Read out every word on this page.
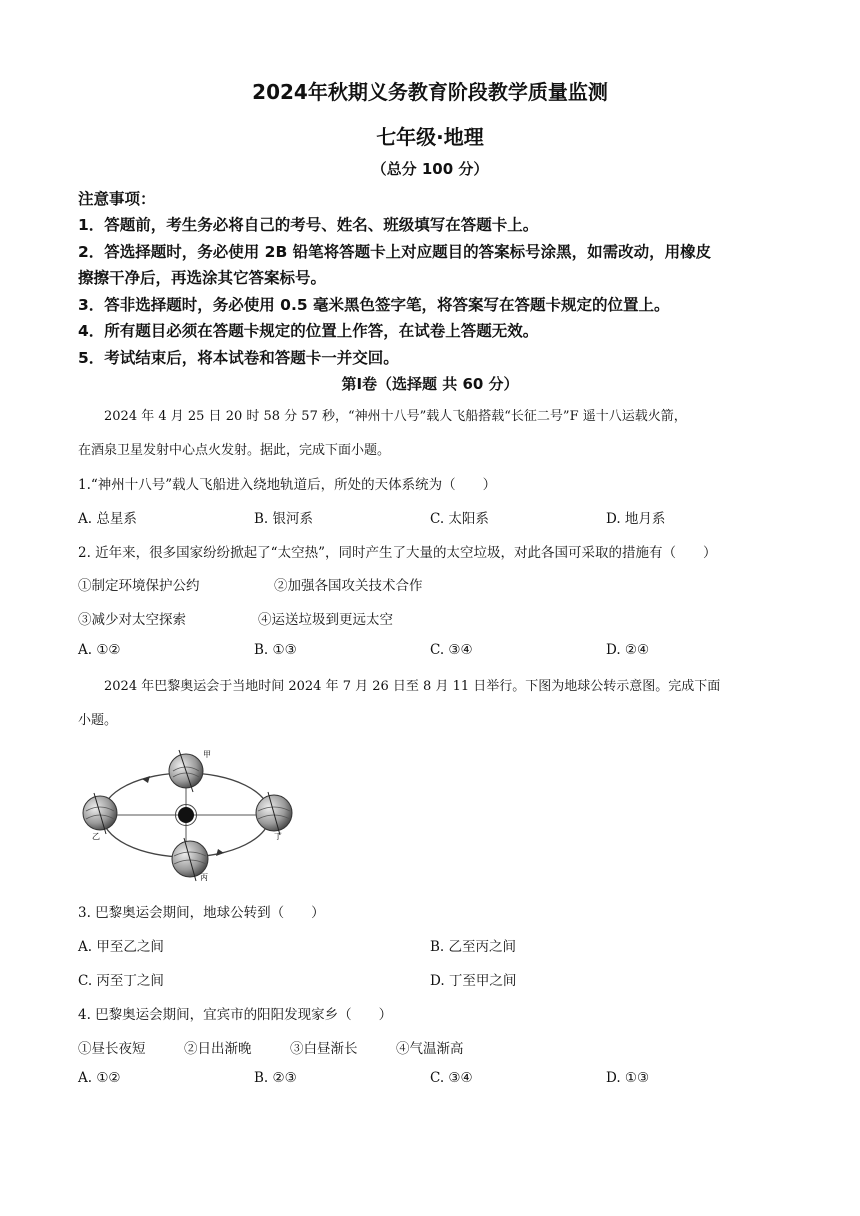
2024年秋期义务教育阶段教学质量监测
七年级·地理
（总分 100 分）
注意事项：
1．答题前，考生务必将自己的考号、姓名、班级填写在答题卡上。
2．答选择题时，务必使用 2B 铅笔将答题卡上对应题目的答案标号涂黑，如需改动，用橡皮
擦擦干净后，再选涂其它答案标号。
3．答非选择题时，务必使用 0.5 毫米黑色签字笔，将答案写在答题卡规定的位置上。
4．所有题目必须在答题卡规定的位置上作答，在试卷上答题无效。
5．考试结束后，将本试卷和答题卡一并交回。
第Ⅰ卷（选择题 共 60 分）
2024 年 4 月 25 日 20 时 58 分 57 秒，“神州十八号”载人飞船搭载“长征二号”F 遥十八运载火箭，
在酒泉卫星发射中心点火发射。据此，完成下面小题。
1.“神州十八号”载人飞船进入绕地轨道后，所处的天体系统为（　　）
A. 总星系	B. 银河系	C. 太阳系	D. 地月系
2. 近年来，很多国家纷纷掀起了“太空热”，同时产生了大量的太空垃圾，对此各国可采取的措施有（　　）
①制定环境保护公约	②加强各国攻关技术合作
③减少对太空探索	④运送垃圾到更远太空
A. ①②	B. ①③	C. ③④	D. ②④
2024 年巴黎奥运会于当地时间 2024 年 7 月 26 日至 8 月 11 日举行。下图为地球公转示意图。完成下面
小题。
甲
乙
丙
丁
3. 巴黎奥运会期间，地球公转到（　　）
A. 甲至乙之间	B. 乙至丙之间
C. 丙至丁之间	D. 丁至甲之间
4. 巴黎奥运会期间，宜宾市的阳阳发现家乡（　　）
①昼长夜短	②日出渐晚	③白昼渐长	④气温渐高
A. ①②	B. ②③	C. ③④	D. ①③
